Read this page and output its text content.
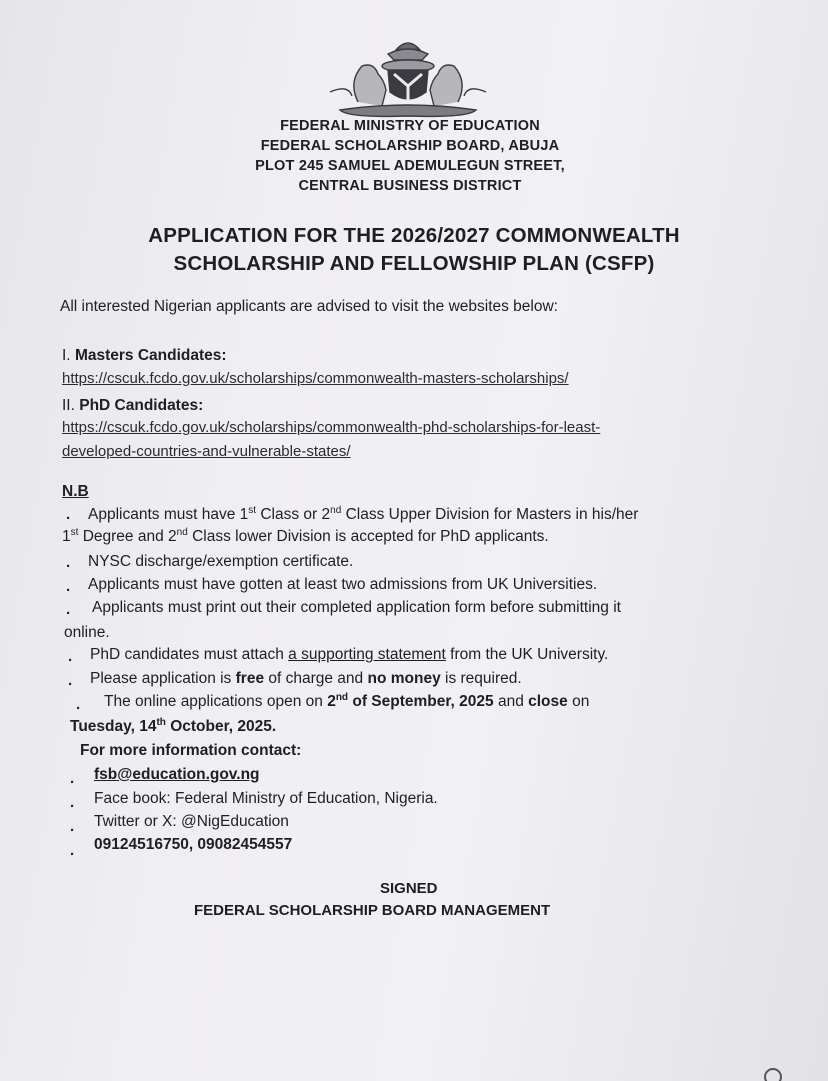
FEDERAL MINISTRY OF EDUCATION
FEDERAL SCHOLARSHIP BOARD, ABUJA
PLOT 245 SAMUEL ADEMULEGUN STREET,
CENTRAL BUSINESS DISTRICT
APPLICATION FOR THE 2026/2027 COMMONWEALTH
SCHOLARSHIP AND FELLOWSHIP PLAN (CSFP)
All interested Nigerian applicants are advised to visit the websites below:
I. Masters Candidates:
https://cscuk.fcdo.gov.uk/scholarships/commonwealth-masters-scholarships/
II. PhD Candidates:
https://cscuk.fcdo.gov.uk/scholarships/commonwealth-phd-scholarships-for-least-
developed-countries-and-vulnerable-states/
N.B
. Applicants must have 1st Class or 2nd Class Upper Division for Masters in his/her
1st Degree and 2nd Class lower Division is accepted for PhD applicants.
. NYSC discharge/exemption certificate.
. Applicants must have gotten at least two admissions from UK Universities.
. Applicants must print out their completed application form before submitting it
online.
. PhD candidates must attach a supporting statement from the UK University.
. Please application is free of charge and no money is required.
. The online applications open on 2nd of September, 2025 and close on
Tuesday, 14th October, 2025.
For more information contact:
. fsb@education.gov.ng
. Face book: Federal Ministry of Education, Nigeria.
. Twitter or X: @NigEducation
. 09124516750, 09082454557
SIGNED
FEDERAL SCHOLARSHIP BOARD MANAGEMENT
